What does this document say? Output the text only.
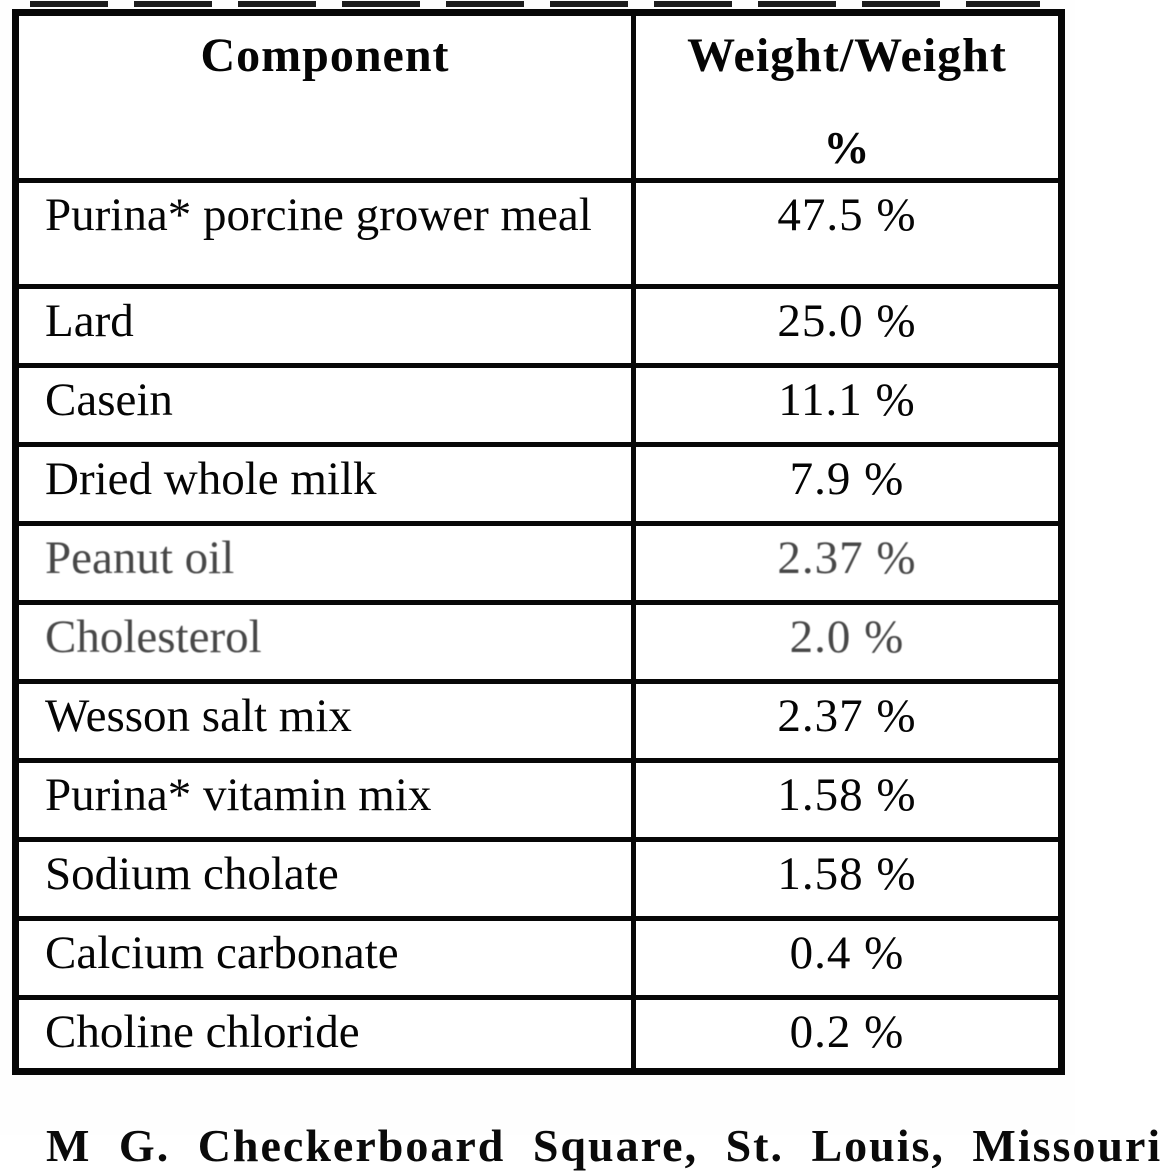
Component	Weight/Weight
%

Purina* porcine grower meal	47.5 %
Lard	25.0 %
Casein	11.1 %
Dried whole milk	7.9 %
Peanut oil	2.37 %
Cholesterol	2.0 %
Wesson salt mix	2.37 %
Purina* vitamin mix	1.58 %
Sodium cholate	1.58 %
Calcium carbonate	0.4 %
Choline chloride	0.2 %
M G. Checkerboard Square, St. Louis, Missouri
